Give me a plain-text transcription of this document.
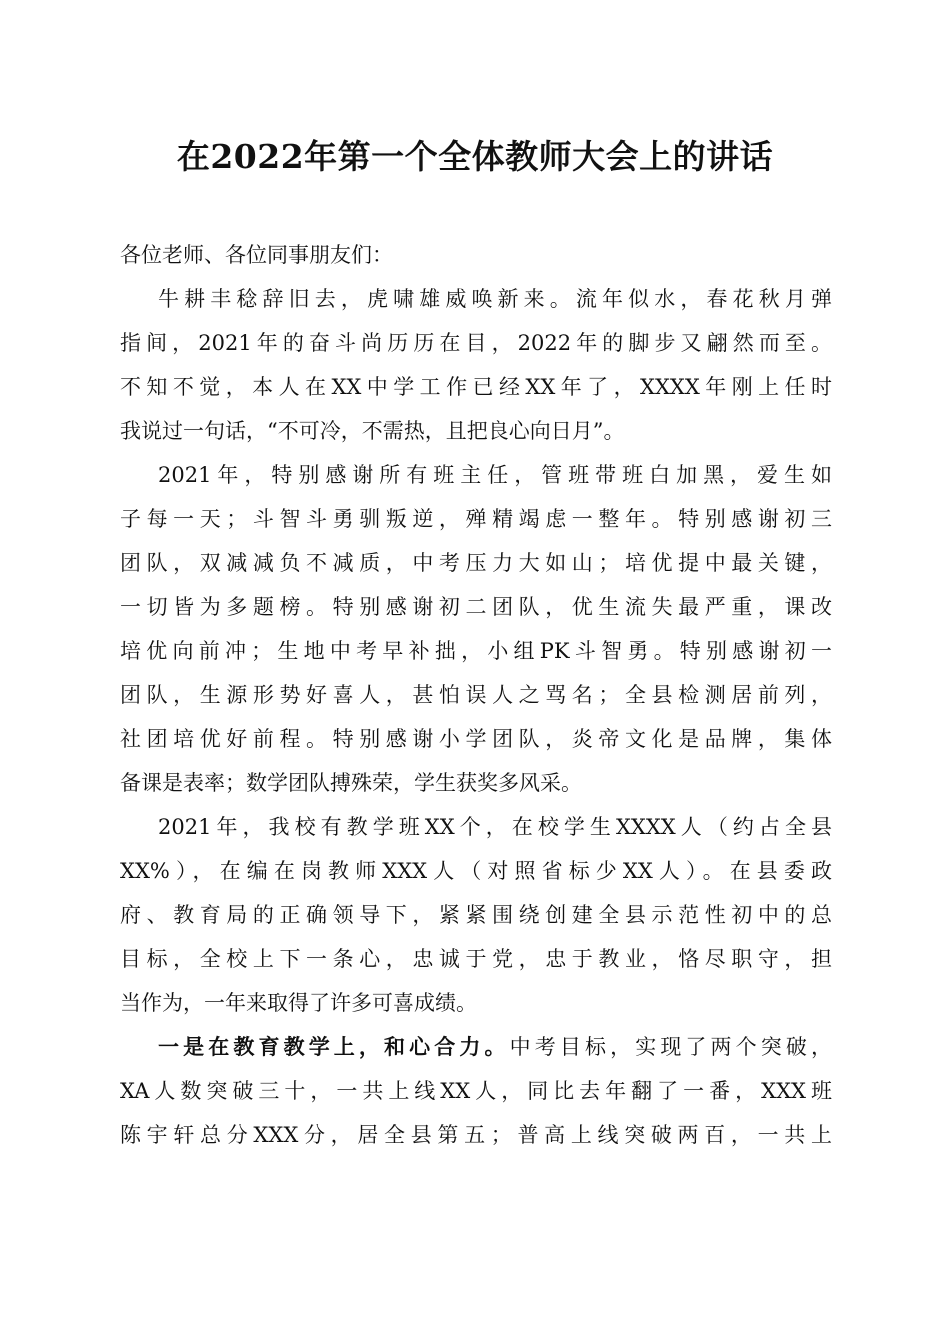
在2022年第一个全体教师大会上的讲话
各位老师、各位同事朋友们：
牛耕丰稔辞旧去，虎啸雄威唤新来。流年似水，春花秋月弹
指间，2021年的奋斗尚历历在目，2022年的脚步又翩然而至。
不知不觉，本人在XX中学工作已经XX年了，XXXX年刚上任时
我说过一句话，“不可冷，不需热，且把良心向日月”。
2021年，特别感谢所有班主任，管班带班白加黑，爱生如
子每一天；斗智斗勇驯叛逆，殚精竭虑一整年。特别感谢初三
团队，双减减负不减质，中考压力大如山；培优提中最关键，
一切皆为多题榜。特别感谢初二团队，优生流失最严重，课改
培优向前冲；生地中考早补拙，小组PK斗智勇。特别感谢初一
团队，生源形势好喜人，甚怕误人之骂名；全县检测居前列，
社团培优好前程。特别感谢小学团队，炎帝文化是品牌，集体
备课是表率；数学团队搏殊荣，学生获奖多风采。
2021年，我校有教学班XX个，在校学生XXXX人（约占全县
XX%），在编在岗教师XXX人（对照省标少XX人）。在县委政
府、教育局的正确领导下，紧紧围绕创建全县示范性初中的总
目标，全校上下一条心，忠诚于党，忠于教业，恪尽职守，担
当作为，一年来取得了许多可喜成绩。
一是在教育教学上，和心合力。中考目标，实现了两个突破，
XA人数突破三十，一共上线XX人，同比去年翻了一番，XXX班
陈宇轩总分XXX分，居全县第五；普高上线突破两百，一共上
